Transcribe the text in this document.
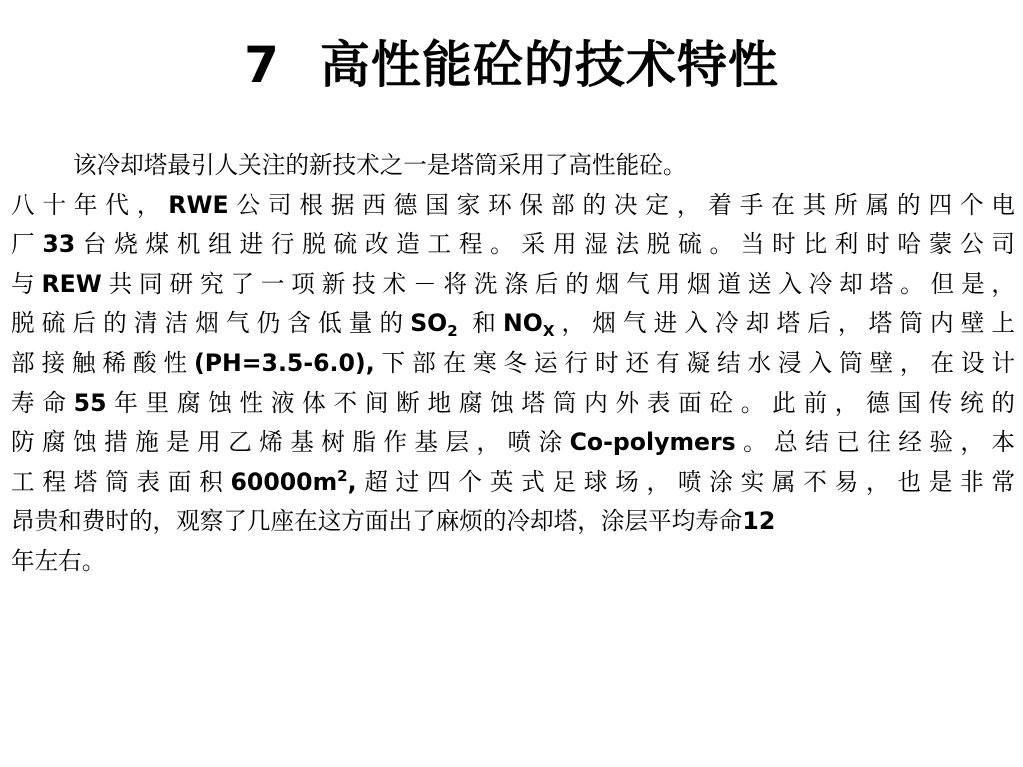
7 高性能砼的技术特性
该冷却塔最引人关注的新技术之一是塔筒采用了高性能砼。
八十年代，RWE公司根据西德国家环保部的决定，着手在其所属的四个电
厂33台烧煤机组进行脱硫改造工程。采用湿法脱硫。当时比利时哈蒙公司
与REW共同研究了一项新技术－将洗涤后的烟气用烟道送入冷却塔。但是，
脱硫后的清洁烟气仍含低量的$SO_2$ 和$NO_X$，烟气进入冷却塔后，塔筒内壁上
部接触稀酸性(PH=3.5-6.0),下部在寒冬运行时还有凝结水浸入筒壁，在设计
寿命55年里腐蚀性液体不间断地腐蚀塔筒内外表面砼。此前，德国传统的
防腐蚀措施是用乙烯基树脂作基层，喷涂Co-polymers。总结已往经验，本
工程塔筒表面积$60000m^2$,超过四个英式足球场，喷涂实属不易，也是非常
昂贵和费时的，观察了几座在这方面出了麻烦的冷却塔，涂层平均寿命12
年左右。
